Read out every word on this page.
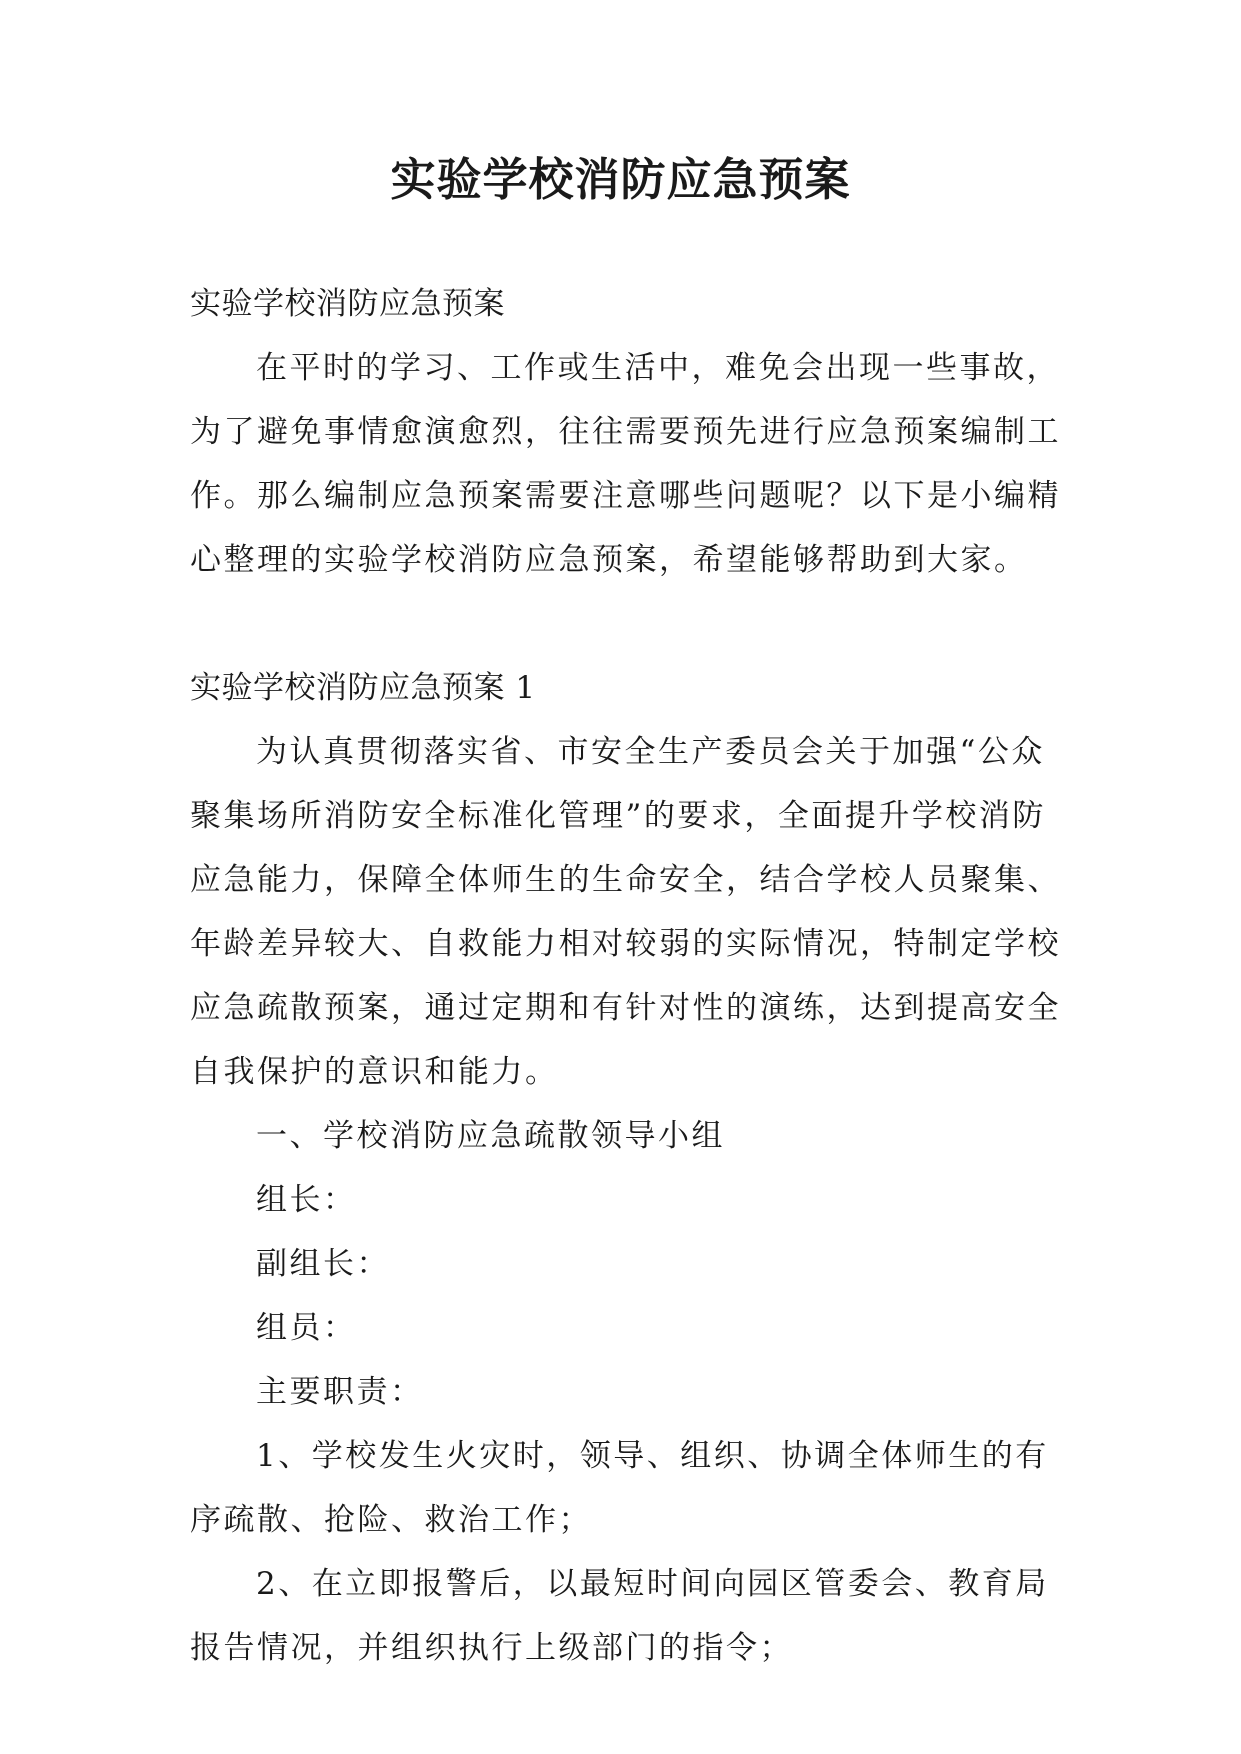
实验学校消防应急预案
实验学校消防应急预案
在平时的学习、工作或生活中，难免会出现一些事故，
为了避免事情愈演愈烈，往往需要预先进行应急预案编制工
作。那么编制应急预案需要注意哪些问题呢？以下是小编精
心整理的实验学校消防应急预案，希望能够帮助到大家。
实验学校消防应急预案 1
为认真贯彻落实省、市安全生产委员会关于加强“公众
聚集场所消防安全标准化管理”的要求，全面提升学校消防
应急能力，保障全体师生的生命安全，结合学校人员聚集、
年龄差异较大、自救能力相对较弱的实际情况，特制定学校
应急疏散预案，通过定期和有针对性的演练，达到提高安全
自我保护的意识和能力。
一、学校消防应急疏散领导小组
组长：
副组长：
组员：
主要职责：
1、学校发生火灾时，领导、组织、协调全体师生的有
序疏散、抢险、救治工作；
2、在立即报警后，以最短时间向园区管委会、教育局
报告情况，并组织执行上级部门的指令；
